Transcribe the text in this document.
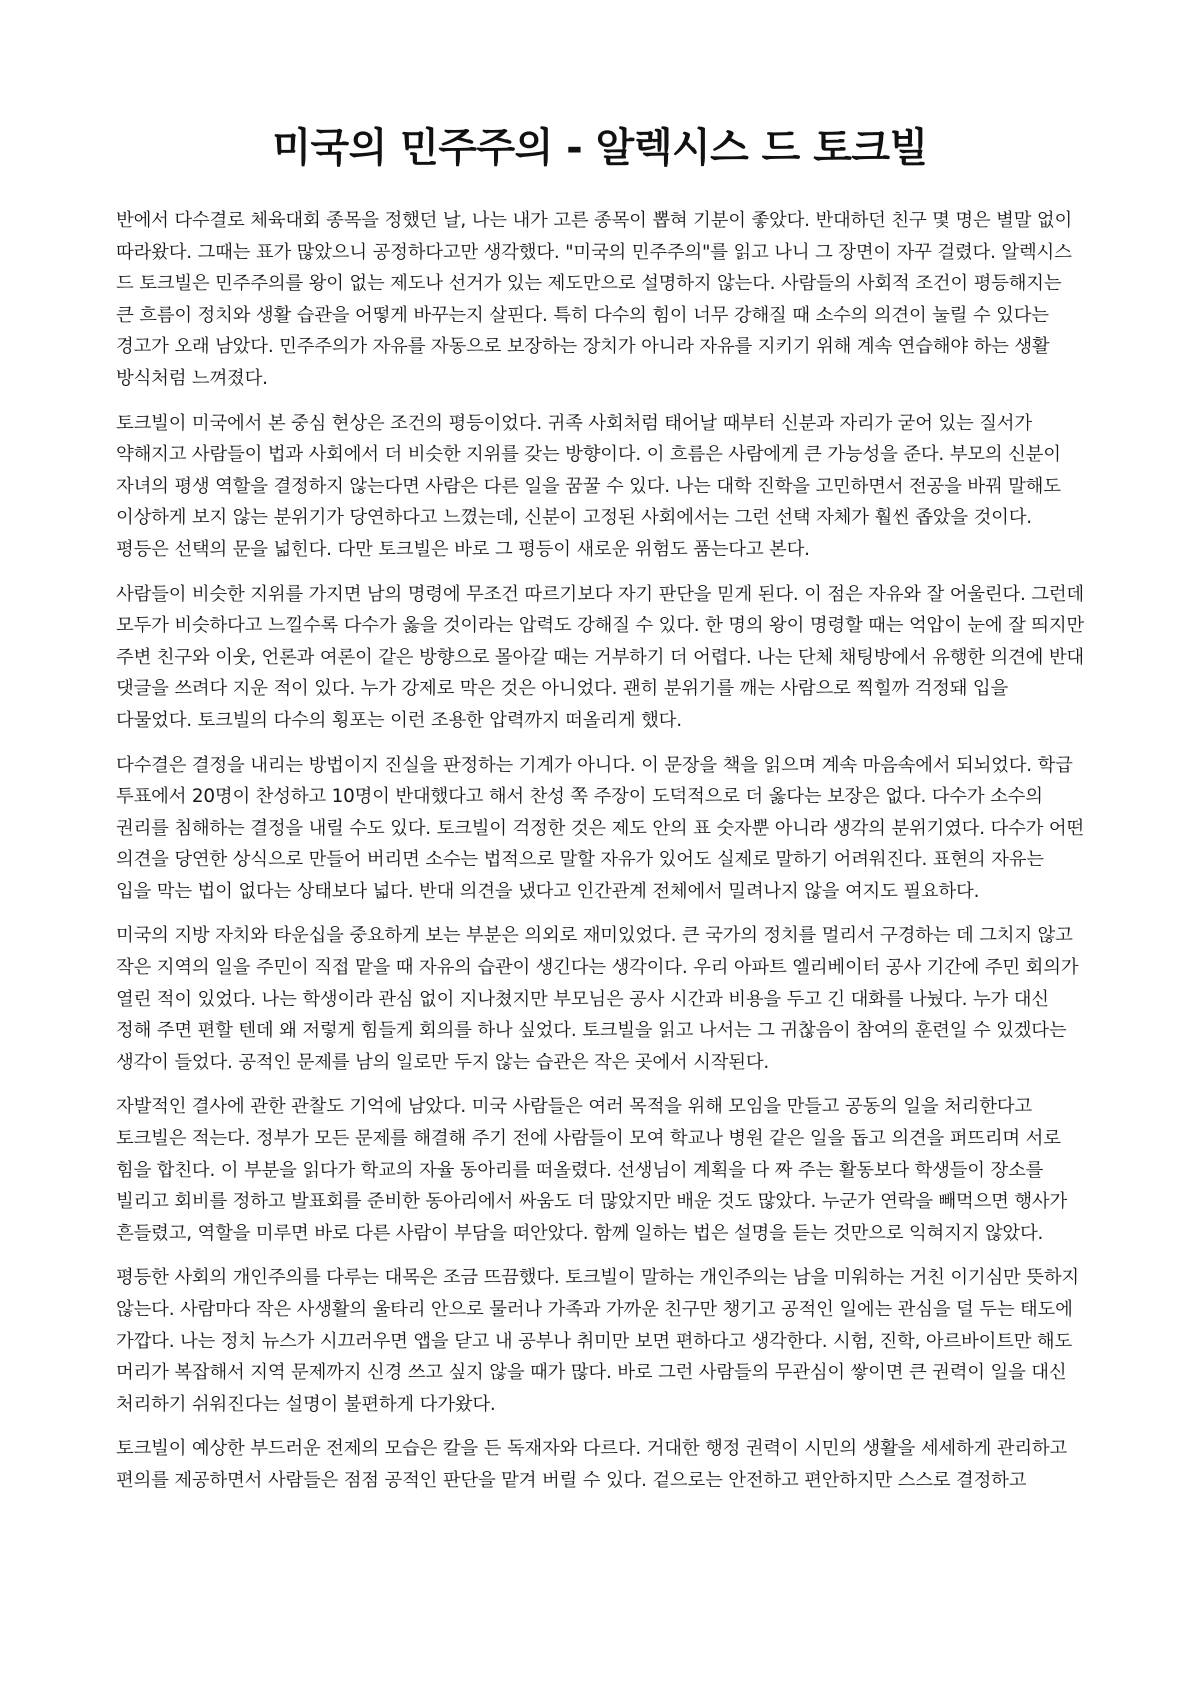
미국의 민주주의 - 알렉시스 드 토크빌

반에서 다수결로 체육대회 종목을 정했던 날, 나는 내가 고른 종목이 뽑혀 기분이 좋았다. 반대하던 친구 몇 명은 별말 없이 따라왔다. 그때는 표가 많았으니 공정하다고만 생각했다. "미국의 민주주의"를 읽고 나니 그 장면이 자꾸 걸렸다. 알렉시스 드 토크빌은 민주주의를 왕이 없는 제도나 선거가 있는 제도만으로 설명하지 않는다. 사람들의 사회적 조건이 평등해지는 큰 흐름이 정치와 생활 습관을 어떻게 바꾸는지 살핀다. 특히 다수의 힘이 너무 강해질 때 소수의 의견이 눌릴 수 있다는 경고가 오래 남았다. 민주주의가 자유를 자동으로 보장하는 장치가 아니라 자유를 지키기 위해 계속 연습해야 하는 생활 방식처럼 느껴졌다.

토크빌이 미국에서 본 중심 현상은 조건의 평등이었다. 귀족 사회처럼 태어날 때부터 신분과 자리가 굳어 있는 질서가 약해지고 사람들이 법과 사회에서 더 비슷한 지위를 갖는 방향이다. 이 흐름은 사람에게 큰 가능성을 준다. 부모의 신분이 자녀의 평생 역할을 결정하지 않는다면 사람은 다른 일을 꿈꿀 수 있다. 나는 대학 진학을 고민하면서 전공을 바꿔 말해도 이상하게 보지 않는 분위기가 당연하다고 느꼈는데, 신분이 고정된 사회에서는 그런 선택 자체가 훨씬 좁았을 것이다. 평등은 선택의 문을 넓힌다. 다만 토크빌은 바로 그 평등이 새로운 위험도 품는다고 본다.

사람들이 비슷한 지위를 가지면 남의 명령에 무조건 따르기보다 자기 판단을 믿게 된다. 이 점은 자유와 잘 어울린다. 그런데 모두가 비슷하다고 느낄수록 다수가 옳을 것이라는 압력도 강해질 수 있다. 한 명의 왕이 명령할 때는 억압이 눈에 잘 띄지만 주변 친구와 이웃, 언론과 여론이 같은 방향으로 몰아갈 때는 거부하기 더 어렵다. 나는 단체 채팅방에서 유행한 의견에 반대 댓글을 쓰려다 지운 적이 있다. 누가 강제로 막은 것은 아니었다. 괜히 분위기를 깨는 사람으로 찍힐까 걱정돼 입을 다물었다. 토크빌의 다수의 횡포는 이런 조용한 압력까지 떠올리게 했다.

다수결은 결정을 내리는 방법이지 진실을 판정하는 기계가 아니다. 이 문장을 책을 읽으며 계속 마음속에서 되뇌었다. 학급 투표에서 20명이 찬성하고 10명이 반대했다고 해서 찬성 쪽 주장이 도덕적으로 더 옳다는 보장은 없다. 다수가 소수의 권리를 침해하는 결정을 내릴 수도 있다. 토크빌이 걱정한 것은 제도 안의 표 숫자뿐 아니라 생각의 분위기였다. 다수가 어떤 의견을 당연한 상식으로 만들어 버리면 소수는 법적으로 말할 자유가 있어도 실제로 말하기 어려워진다. 표현의 자유는 입을 막는 법이 없다는 상태보다 넓다. 반대 의견을 냈다고 인간관계 전체에서 밀려나지 않을 여지도 필요하다.

미국의 지방 자치와 타운십을 중요하게 보는 부분은 의외로 재미있었다. 큰 국가의 정치를 멀리서 구경하는 데 그치지 않고 작은 지역의 일을 주민이 직접 맡을 때 자유의 습관이 생긴다는 생각이다. 우리 아파트 엘리베이터 공사 기간에 주민 회의가 열린 적이 있었다. 나는 학생이라 관심 없이 지나쳤지만 부모님은 공사 시간과 비용을 두고 긴 대화를 나눴다. 누가 대신 정해 주면 편할 텐데 왜 저렇게 힘들게 회의를 하나 싶었다. 토크빌을 읽고 나서는 그 귀찮음이 참여의 훈련일 수 있겠다는 생각이 들었다. 공적인 문제를 남의 일로만 두지 않는 습관은 작은 곳에서 시작된다.

자발적인 결사에 관한 관찰도 기억에 남았다. 미국 사람들은 여러 목적을 위해 모임을 만들고 공동의 일을 처리한다고 토크빌은 적는다. 정부가 모든 문제를 해결해 주기 전에 사람들이 모여 학교나 병원 같은 일을 돕고 의견을 퍼뜨리며 서로 힘을 합친다. 이 부분을 읽다가 학교의 자율 동아리를 떠올렸다. 선생님이 계획을 다 짜 주는 활동보다 학생들이 장소를 빌리고 회비를 정하고 발표회를 준비한 동아리에서 싸움도 더 많았지만 배운 것도 많았다. 누군가 연락을 빼먹으면 행사가 흔들렸고, 역할을 미루면 바로 다른 사람이 부담을 떠안았다. 함께 일하는 법은 설명을 듣는 것만으로 익혀지지 않았다.

평등한 사회의 개인주의를 다루는 대목은 조금 뜨끔했다. 토크빌이 말하는 개인주의는 남을 미워하는 거친 이기심만 뜻하지 않는다. 사람마다 작은 사생활의 울타리 안으로 물러나 가족과 가까운 친구만 챙기고 공적인 일에는 관심을 덜 두는 태도에 가깝다. 나는 정치 뉴스가 시끄러우면 앱을 닫고 내 공부나 취미만 보면 편하다고 생각한다. 시험, 진학, 아르바이트만 해도 머리가 복잡해서 지역 문제까지 신경 쓰고 싶지 않을 때가 많다. 바로 그런 사람들의 무관심이 쌓이면 큰 권력이 일을 대신 처리하기 쉬워진다는 설명이 불편하게 다가왔다.

토크빌이 예상한 부드러운 전제의 모습은 칼을 든 독재자와 다르다. 거대한 행정 권력이 시민의 생활을 세세하게 관리하고 편의를 제공하면서 사람들은 점점 공적인 판단을 맡겨 버릴 수 있다. 겉으로는 안전하고 편안하지만 스스로 결정하고
